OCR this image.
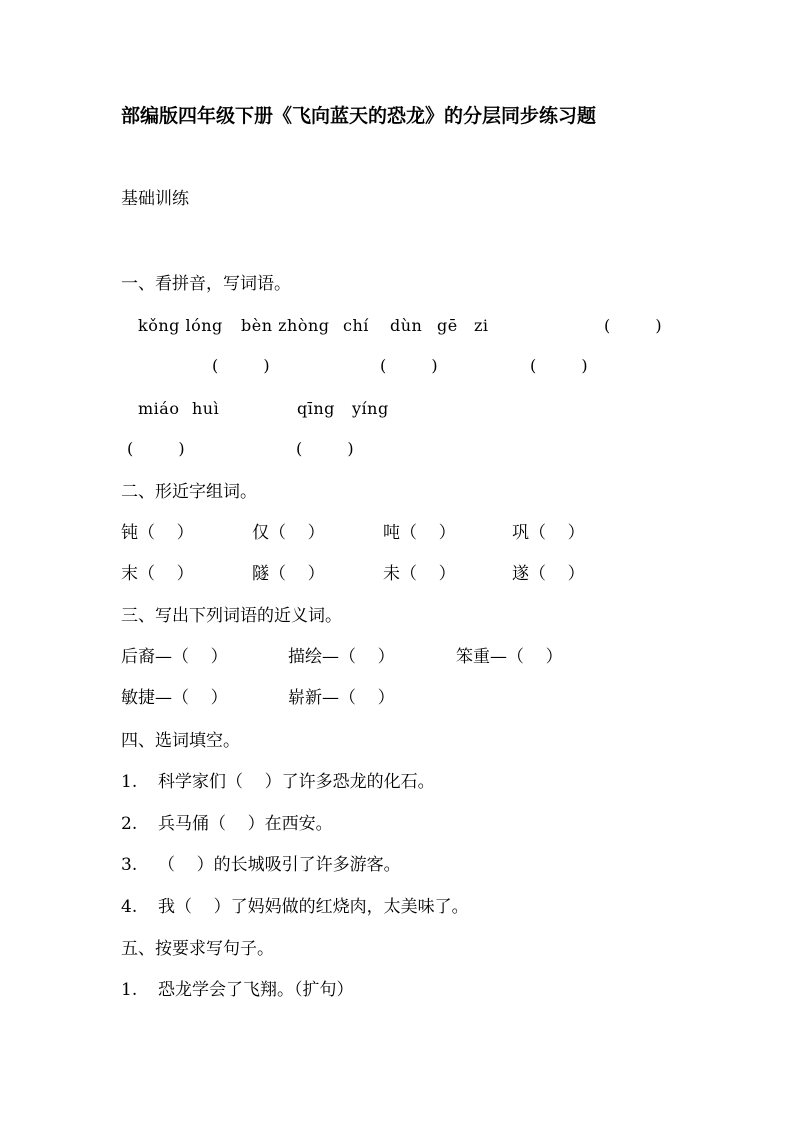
部编版四年级下册《飞向蓝天的恐龙》的分层同步练习题
基础训练
一、看拼音，写词语。
kǒng lóng bèn zhòng chí dùn gē zi	(        )
(        )	(        )	(        )
miáo huì	qīng yíng
(        )	(        )
二、形近字组词。
钝（    ）	仅（    ）	吨（    ）	巩（    ）
末（    ）	隧（    ）	未（    ）	遂（    ）
三、写出下列词语的近义词。
后裔—（    ）	描绘—（    ）	笨重—（    ）
敏捷—（    ）	崭新—（    ）
四、选词填空。
1. 科学家们（    ）了许多恐龙的化石。
2. 兵马俑（    ）在西安。
3. （    ）的长城吸引了许多游客。
4. 我（    ）了妈妈做的红烧肉，太美味了。
五、按要求写句子。
1. 恐龙学会了飞翔。（扩句）
